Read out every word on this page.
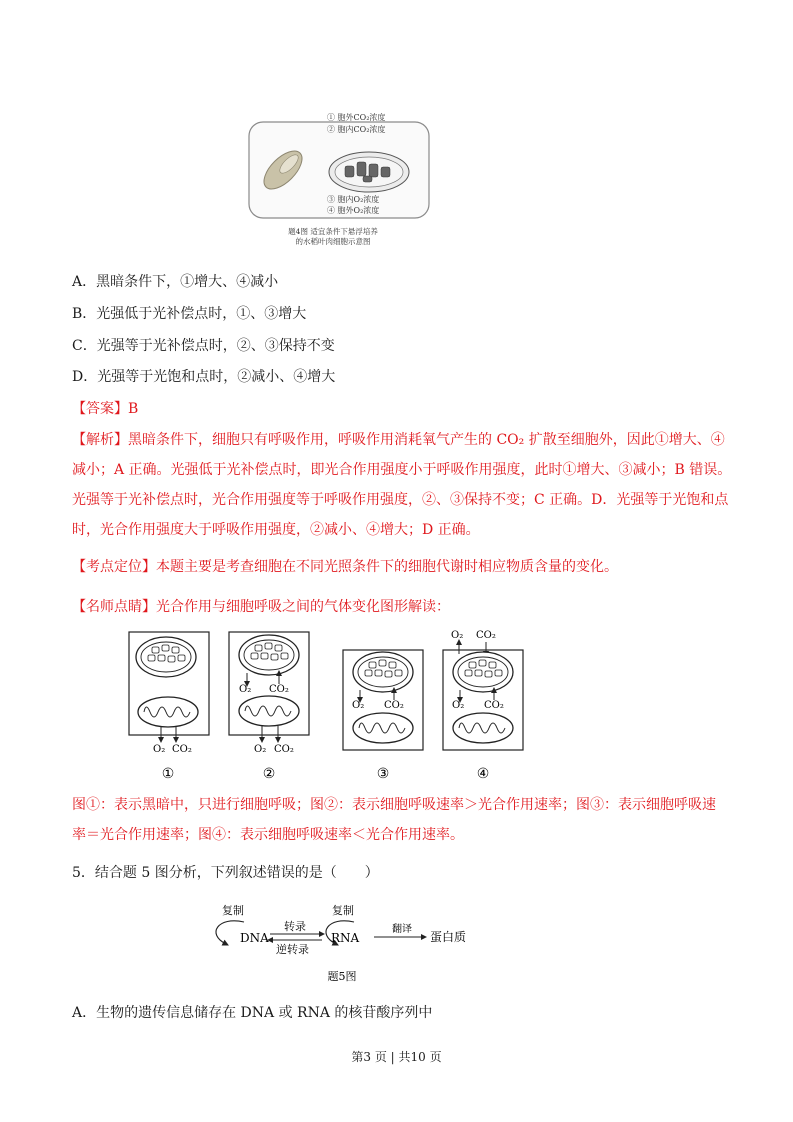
① 胞外CO₂浓度
② 胞内CO₂浓度
③ 胞内O₂浓度
④ 胞外O₂浓度
题4图 适宜条件下悬浮培养
的水稻叶肉细胞示意图
A．黑暗条件下，①增大、④减小
B．光强低于光补偿点时，①、③增大
C．光强等于光补偿点时，②、③保持不变
D．光强等于光饱和点时，②减小、④增大
【答案】B
【解析】黑暗条件下，细胞只有呼吸作用，呼吸作用消耗氧气产生的 CO₂ 扩散至细胞外，因此①增大、④
减小；A 正确。光强低于光补偿点时，即光合作用强度小于呼吸作用强度，此时①增大、③减小；B 错误。
光强等于光补偿点时，光合作用强度等于呼吸作用强度，②、③保持不变；C 正确。D．光强等于光饱和点
时，光合作用强度大于呼吸作用强度，②减小、④增大；D 正确。
【考点定位】本题主要是考查细胞在不同光照条件下的细胞代谢时相应物质含量的变化。
【名师点睛】光合作用与细胞呼吸之间的气体变化图形解读：
O₂ CO₂
①
O₂ CO₂
O₂ CO₂
②
O₂ CO₂
③
O₂ CO₂
O₂ CO₂
④
图①：表示黑暗中，只进行细胞呼吸；图②：表示细胞呼吸速率＞光合作用速率；图③：表示细胞呼吸速
率＝光合作用速率；图④：表示细胞呼吸速率＜光合作用速率。
5．结合题 5 图分析，下列叙述错误的是（　　）
复制
DNA
转录
逆转录
复制
RNA
翻译
蛋白质
题5图
A．生物的遗传信息储存在 DNA 或 RNA 的核苷酸序列中
第3 页 | 共10 页
